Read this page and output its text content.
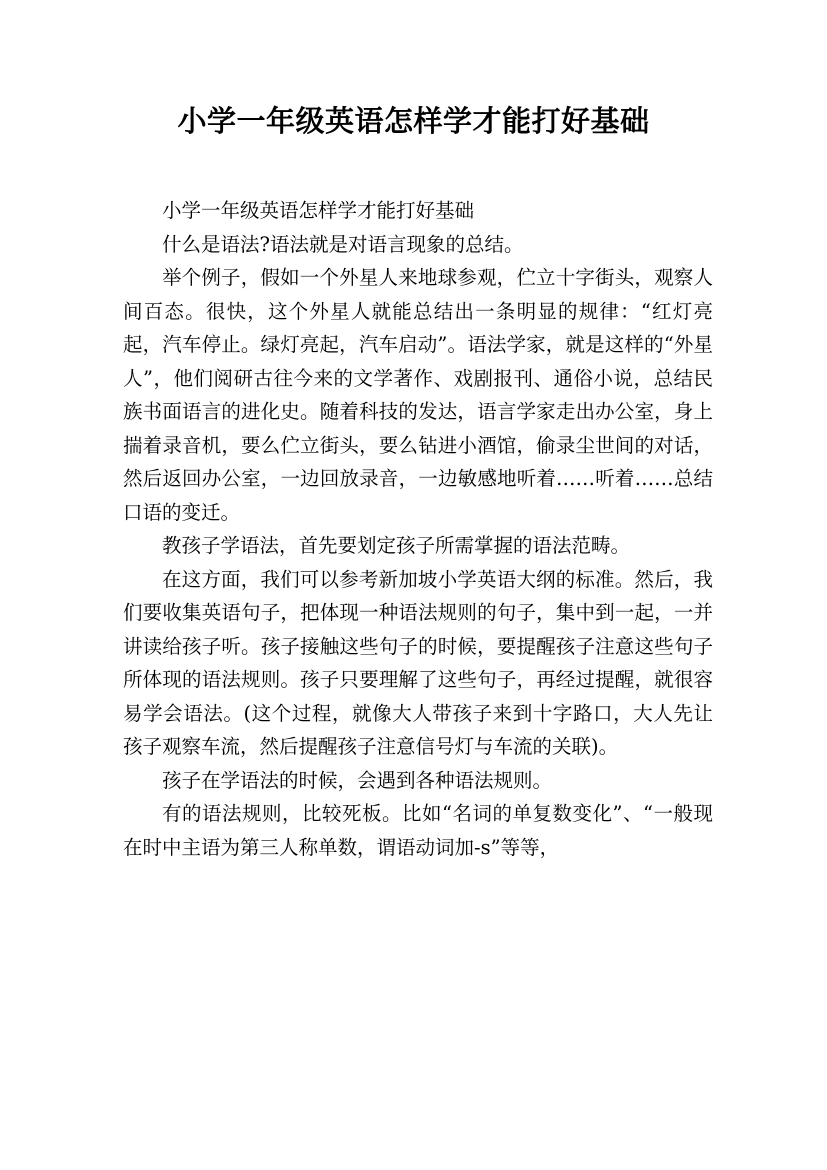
小学一年级英语怎样学才能打好基础

小学一年级英语怎样学才能打好基础

什么是语法?语法就是对语言现象的总结。

举个例子，假如一个外星人来地球参观，伫立十字街头，观察人间百态。很快，这个外星人就能总结出一条明显的规律：“红灯亮起，汽车停止。绿灯亮起，汽车启动”。语法学家，就是这样的“外星人”，他们阅研古往今来的文学著作、戏剧报刊、通俗小说，总结民族书面语言的进化史。随着科技的发达，语言学家走出办公室，身上揣着录音机，要么伫立街头，要么钻进小酒馆，偷录尘世间的对话，然后返回办公室，一边回放录音，一边敏感地听着……听着……总结口语的变迁。

教孩子学语法，首先要划定孩子所需掌握的语法范畴。

在这方面，我们可以参考新加坡小学英语大纲的标准。然后，我们要收集英语句子，把体现一种语法规则的句子，集中到一起，一并讲读给孩子听。孩子接触这些句子的时候，要提醒孩子注意这些句子所体现的语法规则。孩子只要理解了这些句子，再经过提醒，就很容易学会语法。(这个过程，就像大人带孩子来到十字路口，大人先让孩子观察车流，然后提醒孩子注意信号灯与车流的关联)。

孩子在学语法的时候，会遇到各种语法规则。

有的语法规则，比较死板。比如“名词的单复数变化”、“一般现在时中主语为第三人称单数，谓语动词加-s”等等，
